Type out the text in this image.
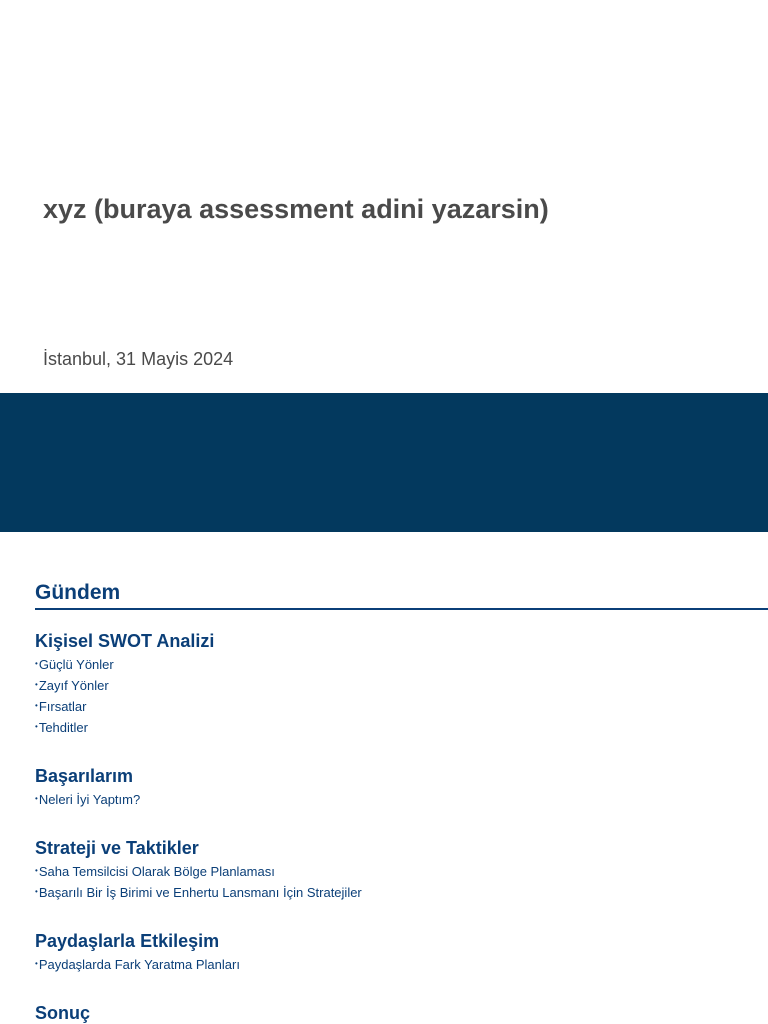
xyz (buraya assessment adini yazarsin)

İstanbul, 31 Mayis 2024

Gündem
Kişisel SWOT Analizi
•Güçlü Yönler
•Zayıf Yönler
•Fırsatlar
•Tehditler
Başarılarım
•Neleri İyi Yaptım?
Strateji ve Taktikler
•Saha Temsilcisi Olarak Bölge Planlaması
•Başarılı Bir İş Birimi ve Enhertu Lansmanı İçin Stratejiler
Paydaşlarla Etkileşim
•Paydaşlarda Fark Yaratma Planları
Sonuç
